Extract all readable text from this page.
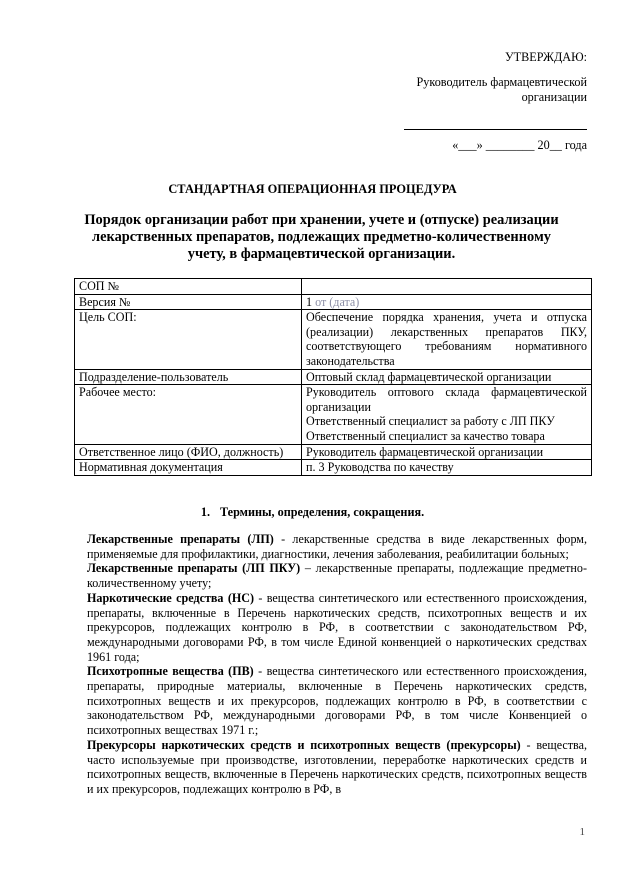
УТВЕРЖДАЮ:
Руководитель фармацевтической
организации
«___» ________ 20__ года
СТАНДАРТНАЯ ОПЕРАЦИОННАЯ ПРОЦЕДУРА
Порядок организации работ при хранении, учете и (отпуске) реализации лекарственных препаратов, подлежащих предметно-количественному учету, в фармацевтической организации.
СОП №	
Версия №	1 от (дата)
Цель СОП:	Обеспечение порядка хранения, учета и отпуска (реализации) лекарственных препаратов ПКУ, соответствующего требованиям нормативного законодательства
Подразделение-пользователь	Оптовый склад фармацевтической организации
Рабочее место:	Руководитель оптового склада фармацевтической организации
Ответственный специалист за работу с ЛП ПКУ
Ответственный специалист за качество товара

Ответственное лицо (ФИО, должность)	Руководитель фармацевтической организации
Нормативная документация	п. 3 Руководства по качеству
1. Термины, определения, сокращения.

Лекарственные препараты (ЛП) - лекарственные средства в виде лекарственных форм, применяемые для профилактики, диагностики, лечения заболевания, реабилитации больных;

Лекарственные препараты (ЛП ПКУ) – лекарственные препараты, подлежащие предметно-количественному учету;

Наркотические средства (НС) - вещества синтетического или естественного происхождения, препараты, включенные в Перечень наркотических средств, психотропных веществ и их прекурсоров, подлежащих контролю в РФ, в соответствии с законодательством РФ, международными договорами РФ, в том числе Единой конвенцией о наркотических средствах 1961 года;

Психотропные вещества (ПВ) - вещества синтетического или естественного происхождения, препараты, природные материалы, включенные в Перечень наркотических средств, психотропных веществ и их прекурсоров, подлежащих контролю в РФ, в соответствии с законодательством РФ, международными договорами РФ, в том числе Конвенцией о психотропных веществах 1971 г.;

Прекурсоры наркотических средств и психотропных веществ (прекурсоры) - вещества, часто используемые при производстве, изготовлении, переработке наркотических средств и психотропных веществ, включенные в Перечень наркотических средств, психотропных веществ и их прекурсоров, подлежащих контролю в РФ, в

1
